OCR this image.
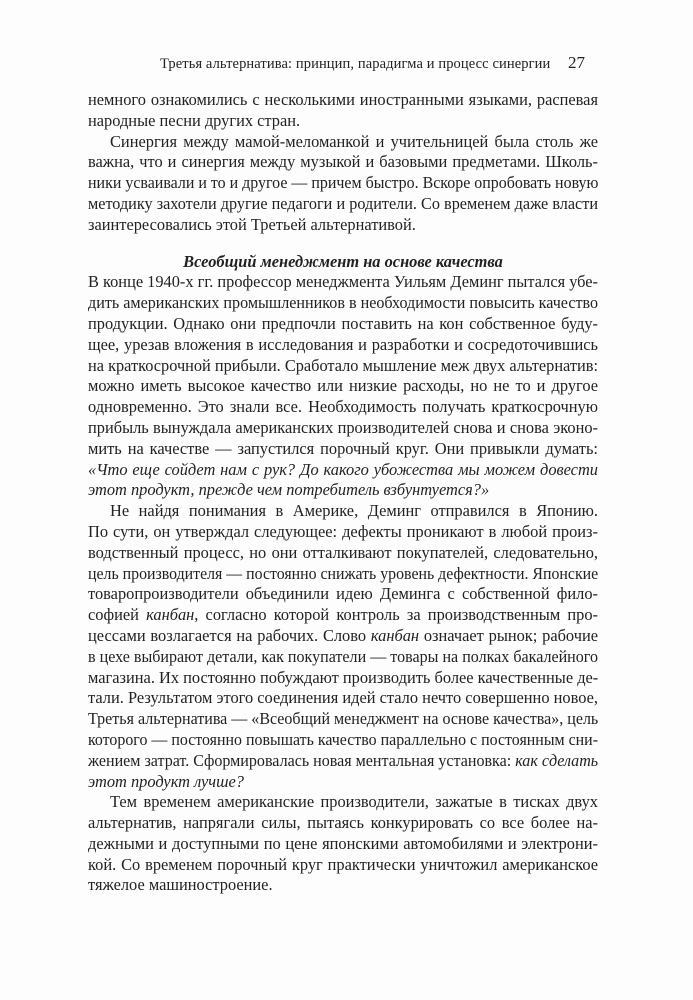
Третья альтернатива: принцип, парадигма и процесс синергии 27
немного ознакомились с несколькими иностранными языками, распевая
народные песни других стран.
Синергия между мамой-меломанкой и учительницей была столь же
важна, что и синергия между музыкой и базовыми предметами. Школь-
ники усваивали и то и другое — причем быстро. Вскоре опробовать новую
методику захотели другие педагоги и родители. Со временем даже власти
заинтересовались этой Третьей альтернативой.
Всеобщий менеджмент на основе качества
В конце 1940-х гг. профессор менеджмента Уильям Деминг пытался убе-
дить американских промышленников в необходимости повысить качество
продукции. Однако они предпочли поставить на кон собственное буду-
щее, урезав вложения в исследования и разработки и сосредоточившись
на краткосрочной прибыли. Сработало мышление меж двух альтернатив:
можно иметь высокое качество или низкие расходы, но не то и другое
одновременно. Это знали все. Необходимость получать краткосрочную
прибыль вынуждала американских производителей снова и снова эконо-
мить на качестве — запустился порочный круг. Они привыкли думать:
«Что еще сойдет нам с рук? До какого убожества мы можем довести
этот продукт, прежде чем потребитель взбунтуется?»
Не найдя понимания в Америке, Деминг отправился в Японию.
По сути, он утверждал следующее: дефекты проникают в любой произ-
водственный процесс, но они отталкивают покупателей, следовательно,
цель производителя — постоянно снижать уровень дефектности. Японские
товаропроизводители объединили идею Деминга с собственной фило-
софией канбан, согласно которой контроль за производственным про-
цессами возлагается на рабочих. Слово канбан означает рынок; рабочие
в цехе выбирают детали, как покупатели — товары на полках бакалейного
магазина. Их постоянно побуждают производить более качественные де-
тали. Результатом этого соединения идей стало нечто совершенно новое,
Третья альтернатива — «Всеобщий менеджмент на основе качества», цель
которого — постоянно повышать качество параллельно с постоянным сни-
жением затрат. Сформировалась новая ментальная установка: как сделать
этот продукт лучше?
Тем временем американские производители, зажатые в тисках двух
альтернатив, напрягали силы, пытаясь конкурировать со все более на-
дежными и доступными по цене японскими автомобилями и электрони-
кой. Со временем порочный круг практически уничтожил американское
тяжелое машиностроение.
